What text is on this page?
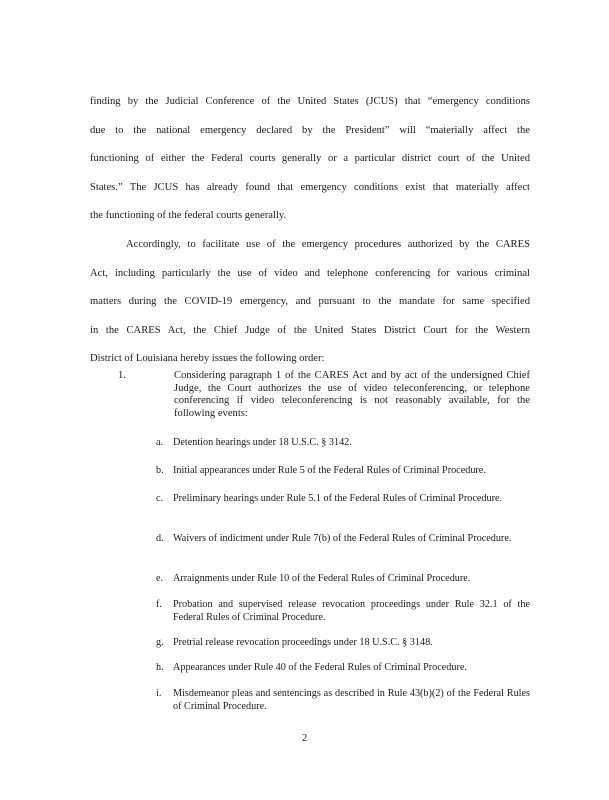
finding by the Judicial Conference of the United States (JCUS) that “emergency conditions
due to the national emergency declared by the President” will “materially affect the
functioning of either the Federal courts generally or a particular district court of the United
States.” The JCUS has already found that emergency conditions exist that materially affect
the functioning of the federal courts generally.
Accordingly, to facilitate use of the emergency procedures authorized by the CARES
Act, including particularly the use of video and telephone conferencing for various criminal
matters during the COVID-19 emergency, and pursuant to the mandate for same specified
in the CARES Act, the Chief Judge of the United States District Court for the Western
District of Louisiana hereby issues the following order:
1.	Considering paragraph 1 of the CARES Act and by act of the undersigned Chief Judge, the Court authorizes the use of video teleconferencing, or telephone conferencing if video teleconferencing is not reasonably available, for the following events:
a. Detention hearings under 18 U.S.C. § 3142.
b. Initial appearances under Rule 5 of the Federal Rules of Criminal Procedure.
c. Preliminary hearings under Rule 5.1 of the Federal Rules of Criminal Procedure.
d. Waivers of indictment under Rule 7(b) of the Federal Rules of Criminal Procedure.
e. Arraignments under Rule 10 of the Federal Rules of Criminal Procedure.
f.	Probation and supervised release revocation proceedings under Rule 32.1 of the Federal Rules of Criminal Procedure.
g. Pretrial release revocation proceedings under 18 U.S.C. § 3148.
h. Appearances under Rule 40 of the Federal Rules of Criminal Procedure.
i.	Misdemeanor pleas and sentencings as described in Rule 43(b)(2) of the Federal Rules of Criminal Procedure.
2
